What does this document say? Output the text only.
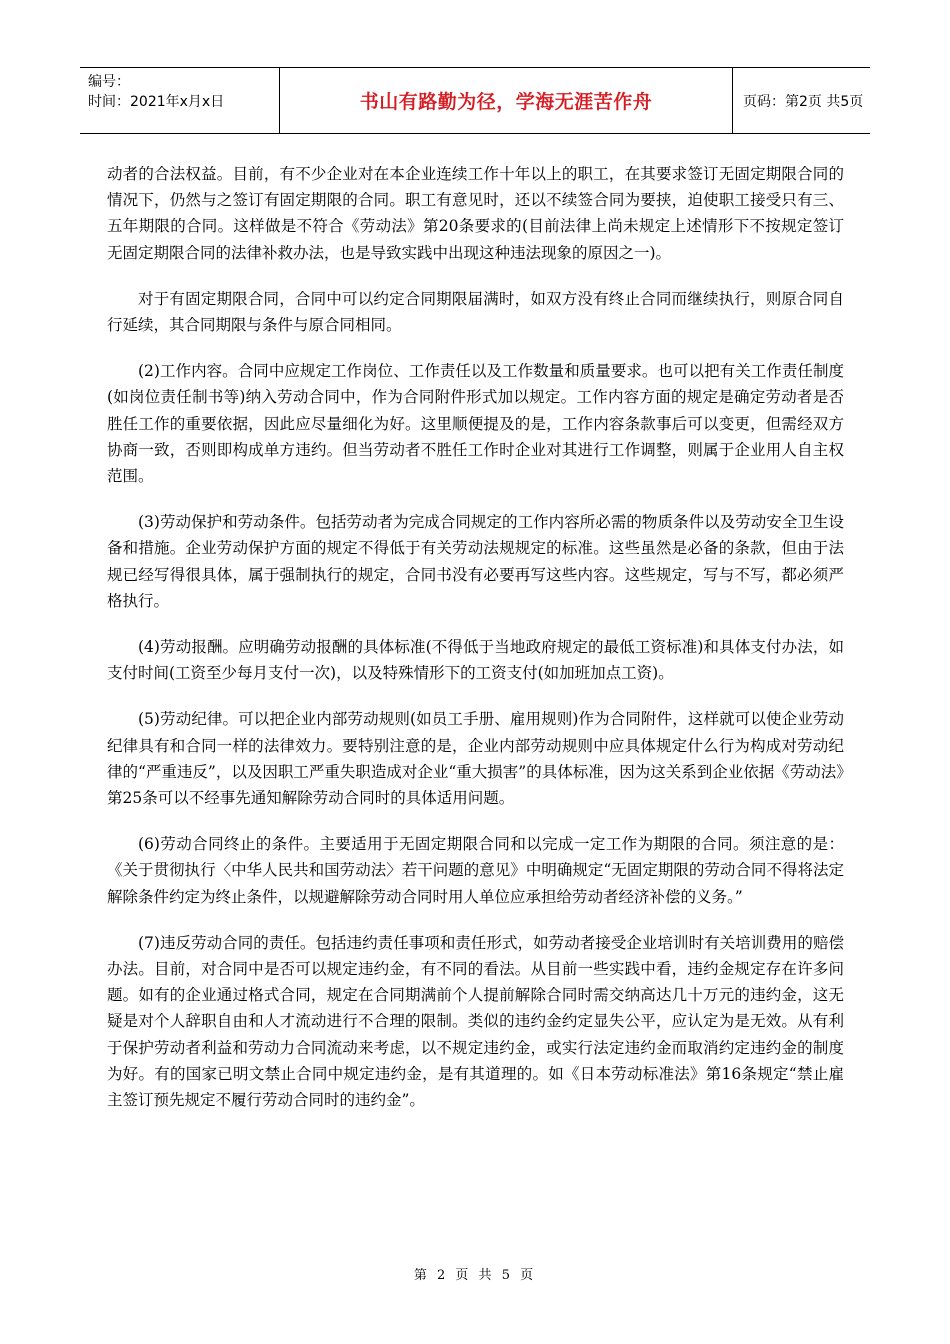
编号：
时间：2021年x月x日	书山有路勤为径，学海无涯苦作舟	页码：第2页 共5页

动者的合法权益。目前，有不少企业对在本企业连续工作十年以上的职工，在其要求签订无固定期限合同的情况下，仍然与之签订有固定期限的合同。职工有意见时，还以不续签合同为要挟，迫使职工接受只有三、五年期限的合同。这样做是不符合《劳动法》第20条要求的(目前法律上尚未规定上述情形下不按规定签订无固定期限合同的法律补救办法，也是导致实践中出现这种违法现象的原因之一)。

对于有固定期限合同，合同中可以约定合同期限届满时，如双方没有终止合同而继续执行，则原合同自行延续，其合同期限与条件与原合同相同。

(2)工作内容。合同中应规定工作岗位、工作责任以及工作数量和质量要求。也可以把有关工作责任制度(如岗位责任制书等)纳入劳动合同中，作为合同附件形式加以规定。工作内容方面的规定是确定劳动者是否胜任工作的重要依据，因此应尽量细化为好。这里顺便提及的是，工作内容条款事后可以变更，但需经双方协商一致，否则即构成单方违约。但当劳动者不胜任工作时企业对其进行工作调整，则属于企业用人自主权范围。

(3)劳动保护和劳动条件。包括劳动者为完成合同规定的工作内容所必需的物质条件以及劳动安全卫生设备和措施。企业劳动保护方面的规定不得低于有关劳动法规规定的标准。这些虽然是必备的条款，但由于法规已经写得很具体，属于强制执行的规定，合同书没有必要再写这些内容。这些规定，写与不写，都必须严格执行。

(4)劳动报酬。应明确劳动报酬的具体标准(不得低于当地政府规定的最低工资标准)和具体支付办法，如支付时间(工资至少每月支付一次)，以及特殊情形下的工资支付(如加班加点工资)。

(5)劳动纪律。可以把企业内部劳动规则(如员工手册、雇用规则)作为合同附件，这样就可以使企业劳动纪律具有和合同一样的法律效力。要特别注意的是，企业内部劳动规则中应具体规定什么行为构成对劳动纪律的“严重违反”，以及因职工严重失职造成对企业“重大损害”的具体标准，因为这关系到企业依据《劳动法》第25条可以不经事先通知解除劳动合同时的具体适用问题。

(6)劳动合同终止的条件。主要适用于无固定期限合同和以完成一定工作为期限的合同。须注意的是：《关于贯彻执行〈中华人民共和国劳动法〉若干问题的意见》中明确规定“无固定期限的劳动合同不得将法定解除条件约定为终止条件，以规避解除劳动合同时用人单位应承担给劳动者经济补偿的义务。”

(7)违反劳动合同的责任。包括违约责任事项和责任形式，如劳动者接受企业培训时有关培训费用的赔偿办法。目前，对合同中是否可以规定违约金，有不同的看法。从目前一些实践中看，违约金规定存在许多问题。如有的企业通过格式合同，规定在合同期满前个人提前解除合同时需交纳高达几十万元的违约金，这无疑是对个人辞职自由和人才流动进行不合理的限制。类似的违约金约定显失公平，应认定为是无效。从有利于保护劳动者利益和劳动力合同流动来考虑，以不规定违约金，或实行法定违约金而取消约定违约金的制度为好。有的国家已明文禁止合同中规定违约金，是有其道理的。如《日本劳动标准法》第16条规定“禁止雇主签订预先规定不履行劳动合同时的违约金”。

第 2 页 共 5 页
